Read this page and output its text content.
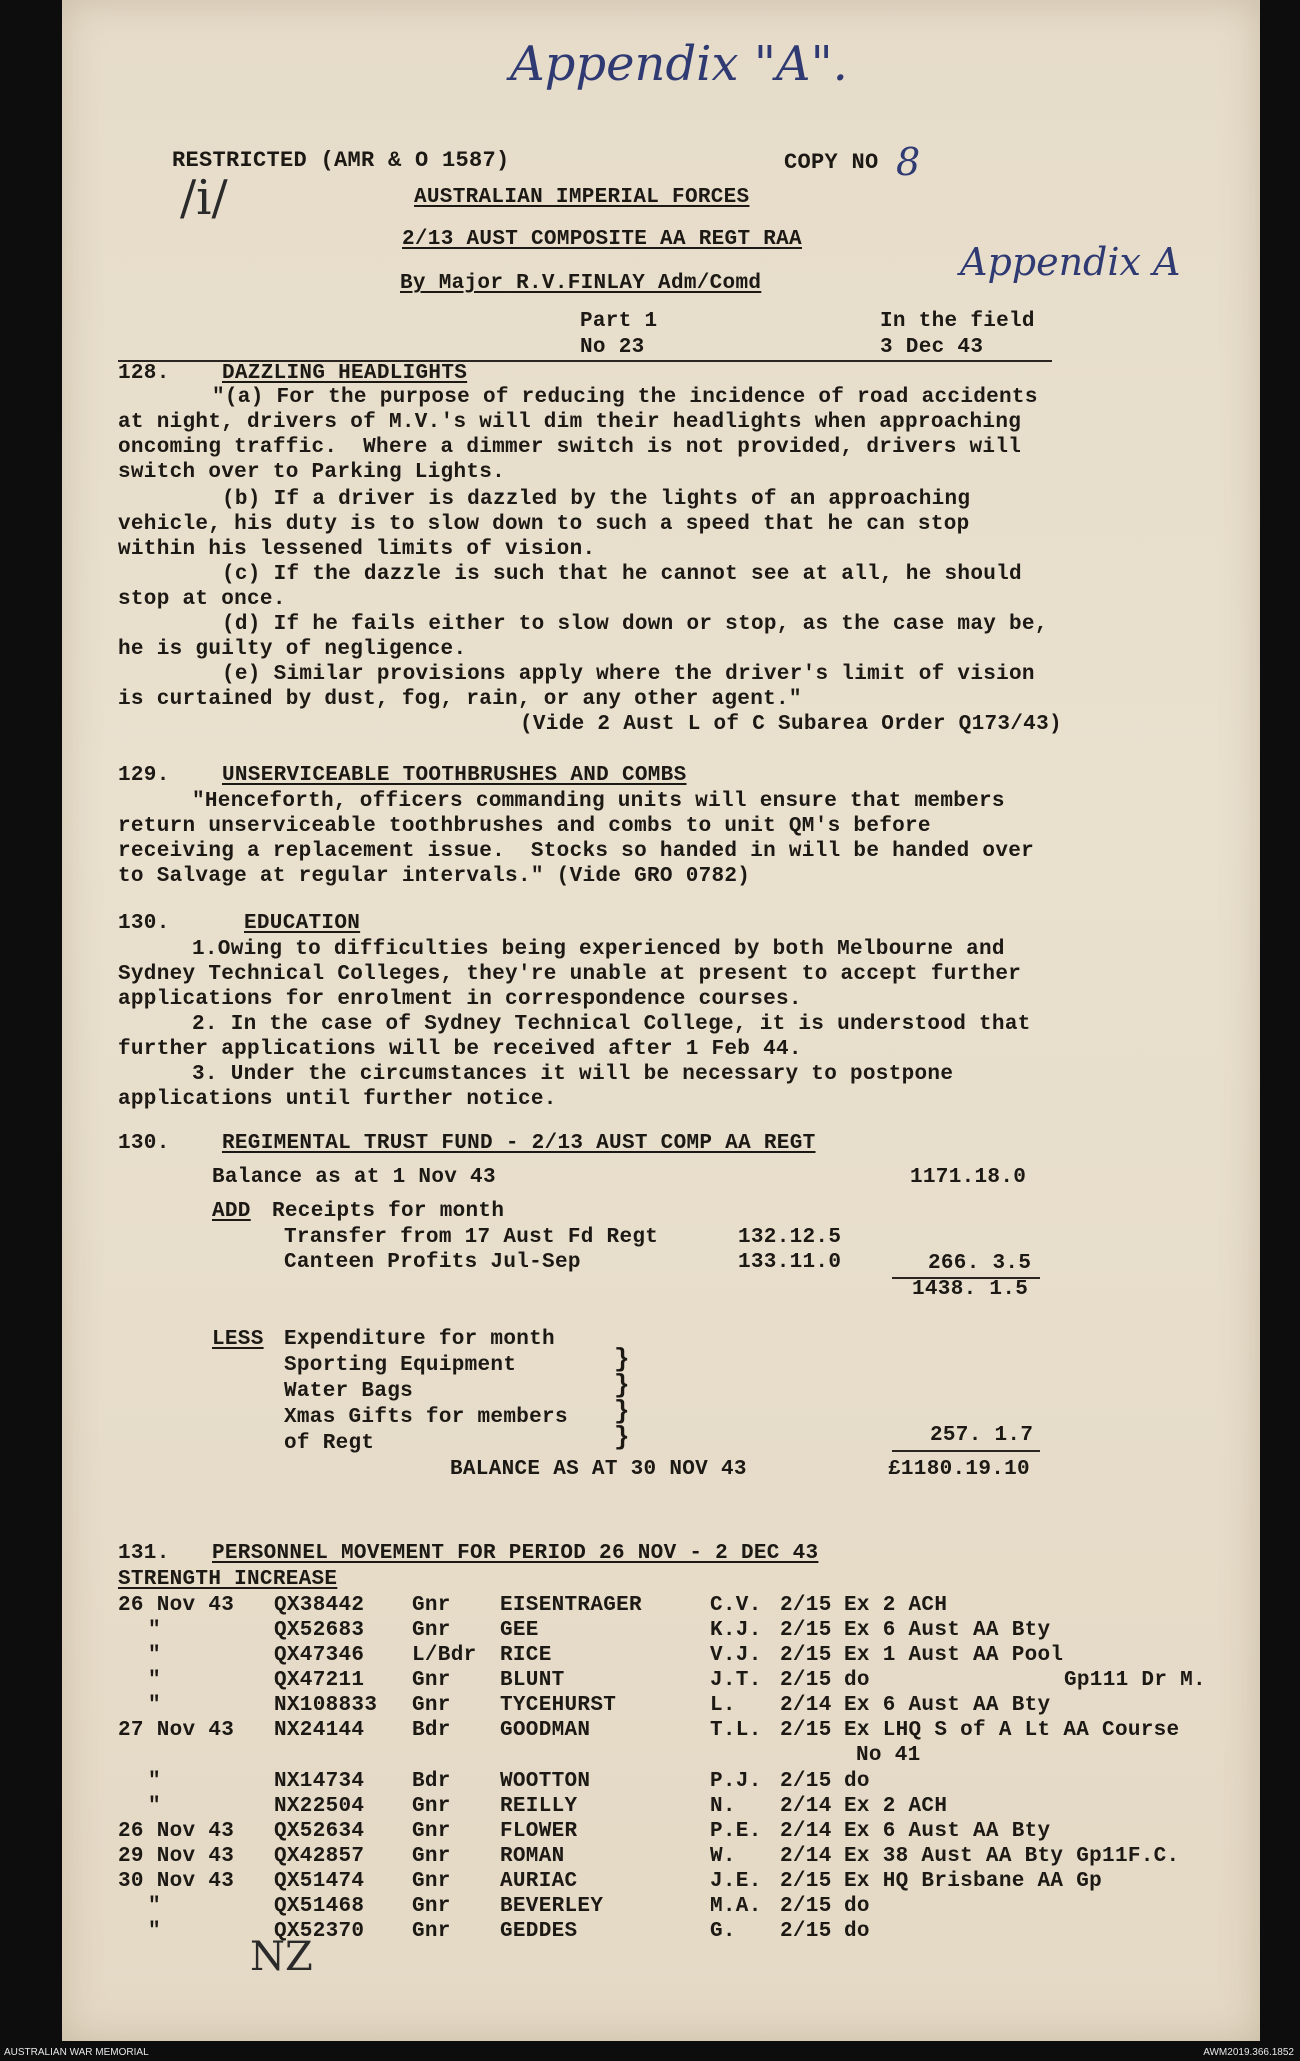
Appendix "A".
Appendix A
/i/
8
NZ
RESTRICTED (AMR & O 1587)	COPY NO
AUSTRALIAN IMPERIAL FORCES
2/13 AUST COMPOSITE AA REGT RAA
By Major R.V.FINLAY Adm/Comd
Part 1
No 23
In the field
3 Dec 43
128. DAZZLING HEADLIGHTS
"(a) For the purpose of reducing the incidence of road accidents
at night, drivers of M.V.'s will dim their headlights when approaching
oncoming traffic.  Where a dimmer switch is not provided, drivers will
switch over to Parking Lights.
(b) If a driver is dazzled by the lights of an approaching
vehicle, his duty is to slow down to such a speed that he can stop
within his lessened limits of vision.
(c) If the dazzle is such that he cannot see at all, he should
stop at once.
(d) If he fails either to slow down or stop, as the case may be,
he is guilty of negligence.
(e) Similar provisions apply where the driver's limit of vision
is curtained by dust, fog, rain, or any other agent."
(Vide 2 Aust L of C Subarea Order Q173/43)
129. UNSERVICEABLE TOOTHBRUSHES AND COMBS
"Henceforth, officers commanding units will ensure that members
return unserviceable toothbrushes and combs to unit QM's before
receiving a replacement issue.  Stocks so handed in will be handed over
to Salvage at regular intervals." (Vide GRO 0782)
130.	EDUCATION
1.Owing to difficulties being experienced by both Melbourne and
Sydney Technical Colleges, they're unable at present to accept further
applications for enrolment in correspondence courses.
2. In the case of Sydney Technical College, it is understood that
further applications will be received after 1 Feb 44.
3. Under the circumstances it will be necessary to postpone
applications until further notice.
130. REGIMENTAL TRUST FUND - 2/13 AUST COMP AA REGT
Balance as at 1 Nov 43	1171.18.0
ADD Receipts for month
Transfer from 17 Aust Fd Regt	132.12.5
Canteen Profits Jul-Sep	133.11.0	266. 3.5
1438. 1.5
LESS Expenditure for month
Sporting Equipment
Water Bags
Xmas Gifts for members
of Regt
}
}
}
}	257. 1.7
BALANCE AS AT 30 NOV 43	£1180.19.10
131. PERSONNEL MOVEMENT FOR PERIOD 26 NOV - 2 DEC 43
STRENGTH INCREASE
26 Nov 43 QX38442 Gnr EISENTRAGER	C.V. 2/15 Ex 2 ACH
"	QX52683 Gnr GEE	K.J. 2/15 Ex 6 Aust AA Bty
"	QX47346 L/Bdr RICE	V.J. 2/15 Ex 1 Aust AA Pool
"	QX47211 Gnr BLUNT	J.T. 2/15 do	Gp111 Dr M.
"	NX108833 Gnr TYCEHURST	L. 2/14 Ex 6 Aust AA Bty
27 Nov 43 NX24144 Bdr GOODMAN	T.L. 2/15 Ex LHQ S of A Lt AA Course
No 41
"	NX14734 Bdr WOOTTON	P.J. 2/15 do
"	NX22504 Gnr REILLY	N. 2/14 Ex 2 ACH
26 Nov 43 QX52634 Gnr FLOWER	P.E. 2/14 Ex 6 Aust AA Bty
29 Nov 43 QX42857 Gnr ROMAN	W. 2/14 Ex 38 Aust AA Bty Gp11F.C.
30 Nov 43 QX51474 Gnr AURIAC	J.E. 2/15 Ex HQ Brisbane AA Gp
"	QX51468 Gnr BEVERLEY	M.A. 2/15 do
"	QX52370 Gnr GEDDES	G. 2/15 do
AUSTRALIAN WAR MEMORIAL	AWM2019.366.1852
